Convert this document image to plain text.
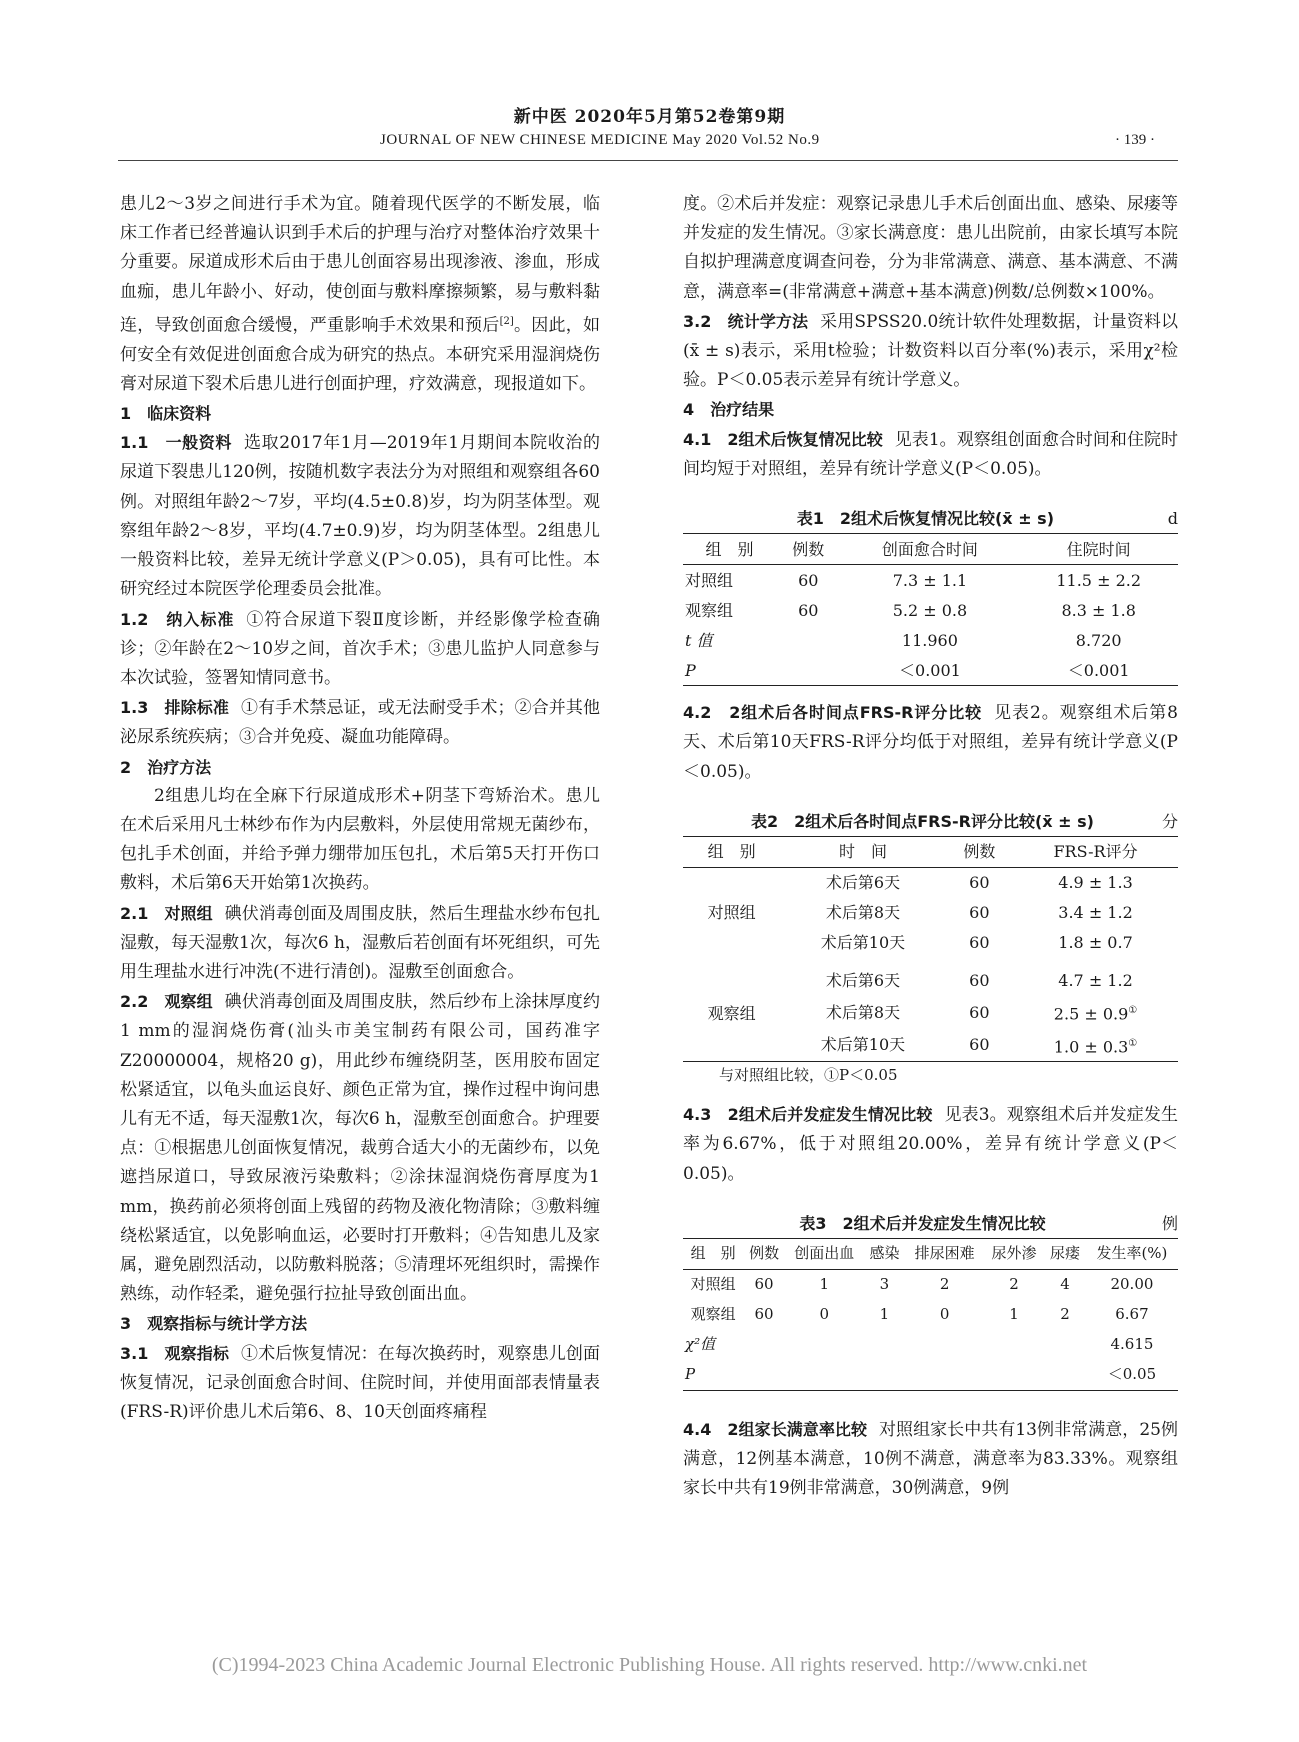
新中医 2020年5月第52卷第9期
JOURNAL OF NEW CHINESE MEDICINE May 2020 Vol.52 No.9	· 139 ·

患儿2～3岁之间进行手术为宜。随着现代医学的不断发展，临床工作者已经普遍认识到手术后的护理与治疗对整体治疗效果十分重要。尿道成形术后由于患儿创面容易出现渗液、渗血，形成血痂，患儿年龄小、好动，使创面与敷料摩擦频繁，易与敷料黏连，导致创面愈合缓慢，严重影响手术效果和预后[2]。因此，如何安全有效促进创面愈合成为研究的热点。本研究采用湿润烧伤膏对尿道下裂术后患儿进行创面护理，疗效满意，现报道如下。

1　临床资料

1.1　一般资料 选取2017年1月—2019年1月期间本院收治的尿道下裂患儿120例，按随机数字表法分为对照组和观察组各60例。对照组年龄2～7岁，平均(4.5±0.8)岁，均为阴茎体型。观察组年龄2～8岁，平均(4.7±0.9)岁，均为阴茎体型。2组患儿一般资料比较，差异无统计学意义(P＞0.05)，具有可比性。本研究经过本院医学伦理委员会批准。

1.2　纳入标准 ①符合尿道下裂Ⅱ度诊断，并经影像学检查确诊；②年龄在2～10岁之间，首次手术；③患儿监护人同意参与本次试验，签署知情同意书。

1.3　排除标准 ①有手术禁忌证，或无法耐受手术；②合并其他泌尿系统疾病；③合并免疫、凝血功能障碍。

2　治疗方法

2组患儿均在全麻下行尿道成形术+阴茎下弯矫治术。患儿在术后采用凡士林纱布作为内层敷料，外层使用常规无菌纱布，包扎手术创面，并给予弹力绷带加压包扎，术后第5天打开伤口敷料，术后第6天开始第1次换药。

2.1　对照组 碘伏消毒创面及周围皮肤，然后生理盐水纱布包扎湿敷，每天湿敷1次，每次6 h，湿敷后若创面有坏死组织，可先用生理盐水进行冲洗(不进行清创)。湿敷至创面愈合。

2.2　观察组 碘伏消毒创面及周围皮肤，然后纱布上涂抹厚度约1 mm的湿润烧伤膏(汕头市美宝制药有限公司，国药准字Z20000004，规格20 g)，用此纱布缠绕阴茎，医用胶布固定松紧适宜，以龟头血运良好、颜色正常为宜，操作过程中询问患儿有无不适，每天湿敷1次，每次6 h，湿敷至创面愈合。护理要点：①根据患儿创面恢复情况，裁剪合适大小的无菌纱布，以免遮挡尿道口，导致尿液污染敷料；②涂抹湿润烧伤膏厚度为1 mm，换药前必须将创面上残留的药物及液化物清除；③敷料缠绕松紧适宜，以免影响血运，必要时打开敷料；④告知患儿及家属，避免剧烈活动，以防敷料脱落；⑤清理坏死组织时，需操作熟练，动作轻柔，避免强行拉扯导致创面出血。

3　观察指标与统计学方法

3.1　观察指标 ①术后恢复情况：在每次换药时，观察患儿创面恢复情况，记录创面愈合时间、住院时间，并使用面部表情量表(FRS-R)评价患儿术后第6、8、10天创面疼痛程

度。②术后并发症：观察记录患儿手术后创面出血、感染、尿瘘等并发症的发生情况。③家长满意度：患儿出院前，由家长填写本院自拟护理满意度调查问卷，分为非常满意、满意、基本满意、不满意，满意率=(非常满意+满意+基本满意)例数/总例数×100%。

3.2　统计学方法 采用SPSS20.0统计软件处理数据，计量资料以(x̄ ± s)表示，采用t检验；计数资料以百分率(%)表示，采用χ²检验。P＜0.05表示差异有统计学意义。

4　治疗结果

4.1　2组术后恢复情况比较 见表1。观察组创面愈合时间和住院时间均短于对照组，差异有统计学意义(P＜0.05)。

表1　2组术后恢复情况比较(x̄ ± s)	d
组　别	例数	创面愈合时间	住院时间
对照组	60	7.3 ± 1.1	11.5 ± 2.2
观察组	60	5.2 ± 0.8	8.3 ± 1.8
t 值		11.960	8.720
P		＜0.001	＜0.001

4.2　2组术后各时间点FRS-R评分比较 见表2。观察组术后第8天、术后第10天FRS-R评分均低于对照组，差异有统计学意义(P＜0.05)。

表2　2组术后各时间点FRS-R评分比较(x̄ ± s)	分
组　别	时　间	例数	FRS-R评分
对照组	术后第6天	60	4.9 ± 1.3
	术后第8天	60	3.4 ± 1.2
	术后第10天	60	1.8 ± 0.7

观察组	术后第6天	60	4.7 ± 1.2
	术后第8天	60	2.5 ± 0.9①
	术后第10天	60	1.0 ± 0.3①
与对照组比较，①P＜0.05

4.3　2组术后并发症发生情况比较 见表3。观察组术后并发症发生率为6.67%，低于对照组20.00%，差异有统计学意义(P＜0.05)。

表3　2组术后并发症发生情况比较	例
组　别	例数	创面出血	感染	排尿困难	尿外渗	尿瘘	发生率(%)
对照组	60	1	3	2	2	4	20.00
观察组	60	0	1	0	1	2	6.67
χ²值							4.615
P							＜0.05

4.4　2组家长满意率比较 对照组家长中共有13例非常满意，25例满意，12例基本满意，10例不满意，满意率为83.33%。观察组家长中共有19例非常满意，30例满意，9例

(C)1994-2023 China Academic Journal Electronic Publishing House. All rights reserved. http://www.cnki.net
